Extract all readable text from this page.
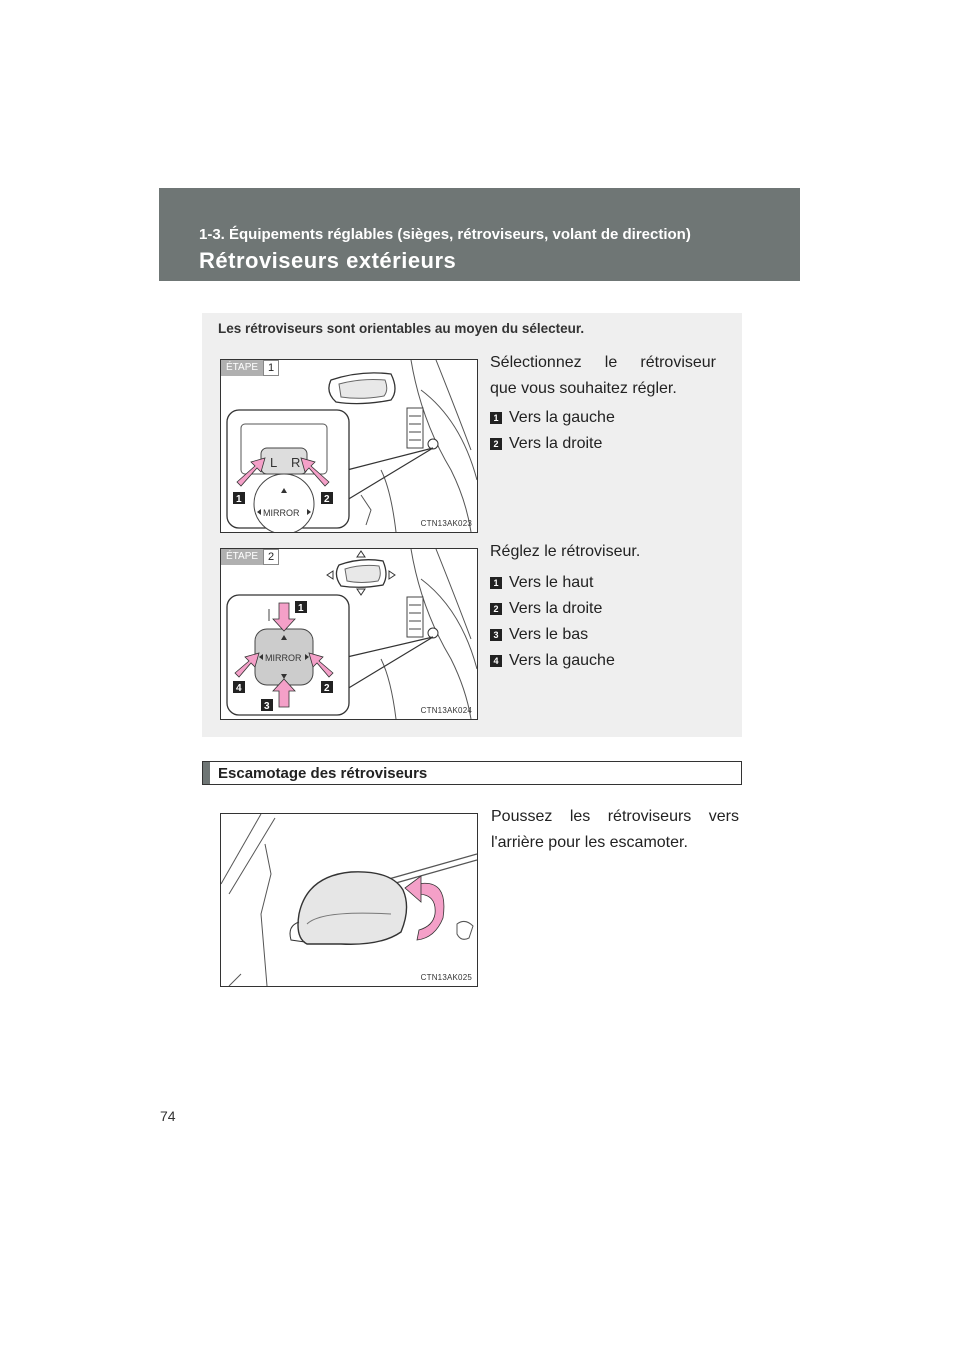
1-3. Équipements réglables (sièges, rétroviseurs, volant de direction)
Rétroviseurs extérieurs
Les rétroviseurs sont orientables au moyen du sélecteur.
L R
MIRROR
1	2
ÉTAPE 1
CTN13AK023
Sélectionnez le rétroviseur
que vous souhaitez régler.
1 Vers la gauche
2 Vers la droite
MIRROR
1
2
3
4
ÉTAPE 2
CTN13AK024
Réglez le rétroviseur.
1 Vers le haut
2 Vers la droite
3 Vers le bas
4 Vers la gauche
Escamotage des rétroviseurs
CTN13AK025
Poussez les rétroviseurs vers
l'arrière pour les escamoter.
74
